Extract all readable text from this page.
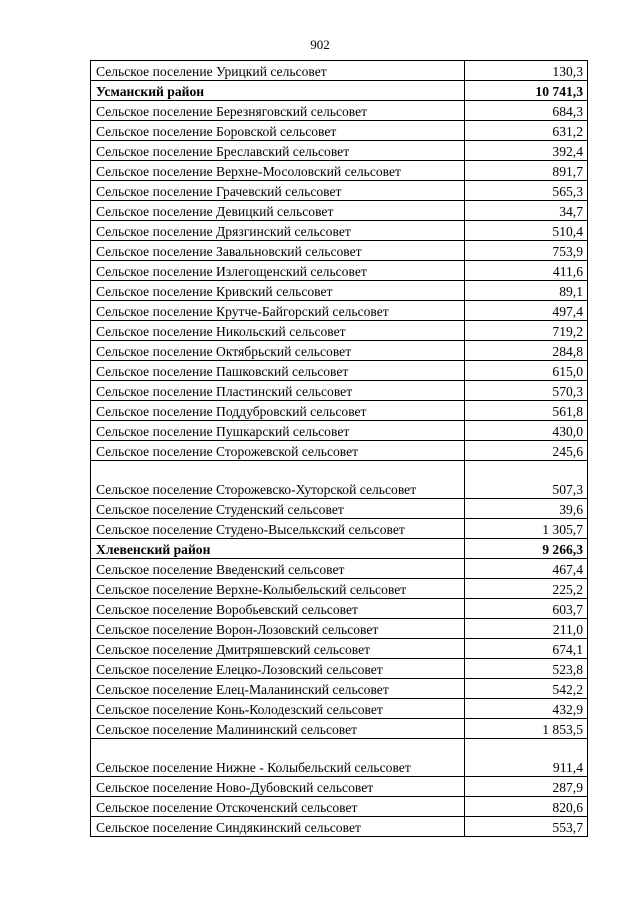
902
Сельское поселение Урицкий сельсовет	130,3
Усманский район	10 741,3
Сельское поселение Березняговский сельсовет	684,3
Сельское поселение Боровской сельсовет	631,2
Сельское поселение Бреславский сельсовет	392,4
Сельское поселение Верхне-Мосоловский сельсовет	891,7
Сельское поселение Грачевский сельсовет	565,3
Сельское поселение Девицкий сельсовет	34,7
Сельское поселение Дрязгинский сельсовет	510,4
Сельское поселение Завальновский сельсовет	753,9
Сельское поселение Излегощенский сельсовет	411,6
Сельское поселение Кривский сельсовет	89,1
Сельское поселение Крутче-Байгорский сельсовет	497,4
Сельское поселение Никольский сельсовет	719,2
Сельское поселение Октябрьский сельсовет	284,8
Сельское поселение Пашковский сельсовет	615,0
Сельское поселение Пластинский сельсовет	570,3
Сельское поселение Поддубровский сельсовет	561,8
Сельское поселение Пушкарский сельсовет	430,0
Сельское поселение Сторожевской сельсовет	245,6
Сельское поселение Сторожевско-Хуторской сельсовет	507,3
Сельское поселение Студенский сельсовет	39,6
Сельское поселение Студено-Выселькский сельсовет	1 305,7
Хлевенский район	9 266,3
Сельское поселение Введенский сельсовет	467,4
Сельское поселение Верхне-Колыбельский сельсовет	225,2
Сельское поселение Воробьевский сельсовет	603,7
Сельское поселение Ворон-Лозовский сельсовет	211,0
Сельское поселение Дмитряшевский сельсовет	674,1
Сельское поселение Елецко-Лозовский сельсовет	523,8
Сельское поселение Елец-Маланинский сельсовет	542,2
Сельское поселение Конь-Колодезский сельсовет	432,9
Сельское поселение Малининский сельсовет	1 853,5
Сельское поселение Нижне - Колыбельский сельсовет	911,4
Сельское поселение Ново-Дубовский сельсовет	287,9
Сельское поселение Отскоченский сельсовет	820,6
Сельское поселение Синдякинский сельсовет	553,7
